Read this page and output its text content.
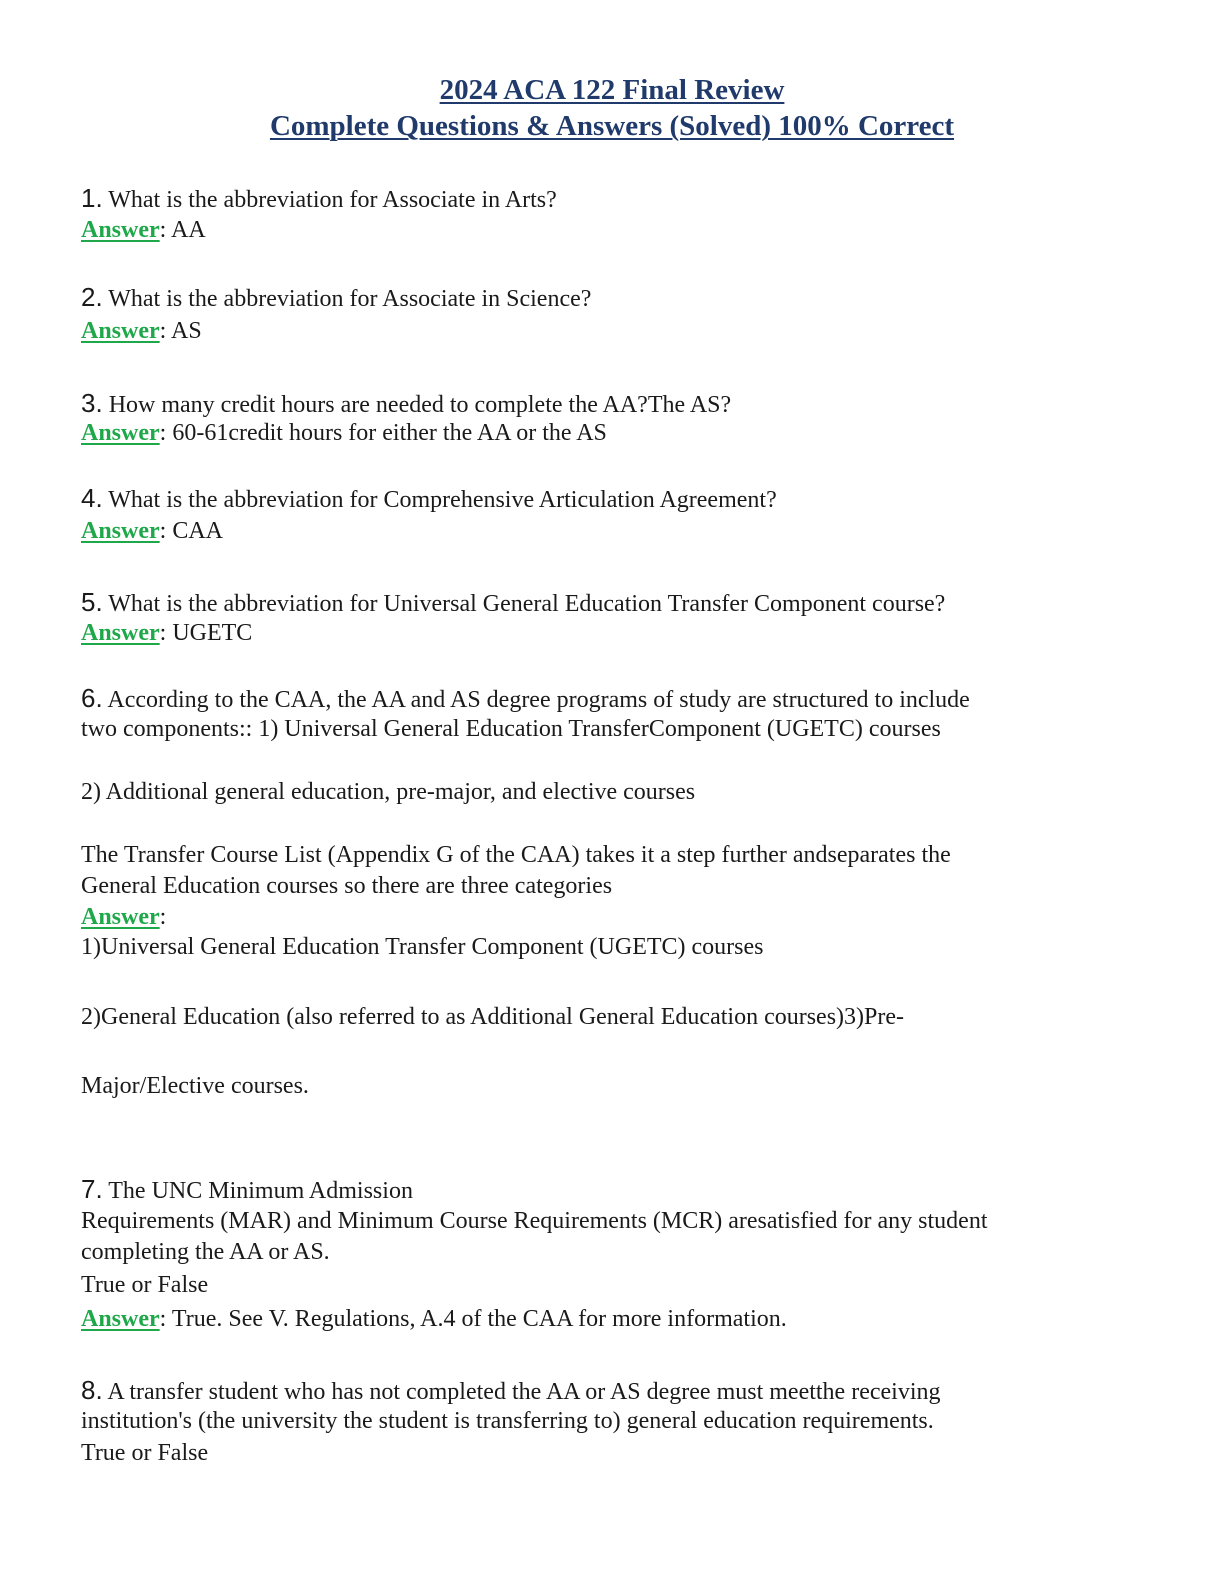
2024 ACA 122 Final Review
Complete Questions & Answers (Solved) 100% Correct
1. What is the abbreviation for Associate in Arts?
Answer: AA
2. What is the abbreviation for Associate in Science?
Answer: AS
3. How many credit hours are needed to complete the AA?The AS?
Answer: 60-61credit hours for either the AA or the AS
4. What is the abbreviation for Comprehensive Articulation Agreement?
Answer: CAA
5. What is the abbreviation for Universal General Education Transfer Component course?
Answer: UGETC
6. According to the CAA, the AA and AS degree programs of study are structured to include
two components:: 1) Universal General Education TransferComponent (UGETC) courses
2) Additional general education, pre-major, and elective courses
The Transfer Course List (Appendix G of the CAA) takes it a step further andseparates the
General Education courses so there are three categories
Answer:
1)Universal General Education Transfer Component (UGETC) courses
2)General Education (also referred to as Additional General Education courses)3)Pre-
Major/Elective courses.
7. The UNC Minimum Admission
Requirements (MAR) and Minimum Course Requirements (MCR) aresatisfied for any student
completing the AA or AS.
True or False
Answer: True. See V. Regulations, A.4 of the CAA for more information.
8. A transfer student who has not completed the AA or AS degree must meetthe receiving
institution's (the university the student is transferring to) general education requirements.
True or False
